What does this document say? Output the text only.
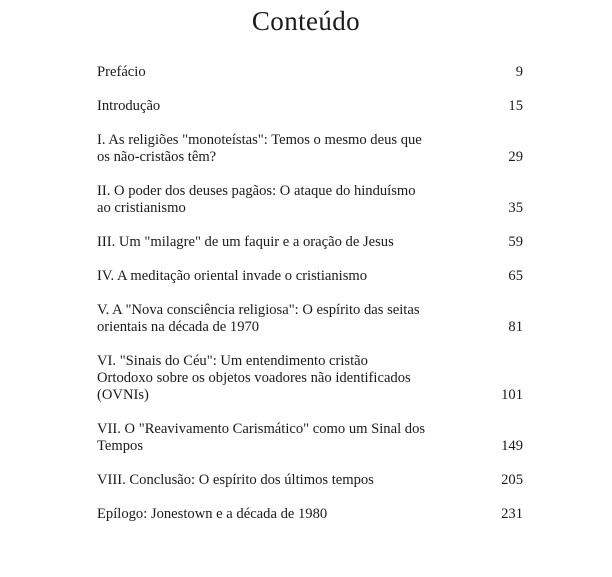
Conteúdo
Prefácio	9
Introdução	15
I. As religiões "monoteístas": Temos o mesmo deus que
os não-cristãos têm?	29
II. O poder dos deuses pagãos: O ataque do hinduísmo
ao cristianismo	35
III. Um "milagre" de um faquir e a oração de Jesus	59
IV. A meditação oriental invade o cristianismo	65
V. A "Nova consciência religiosa": O espírito das seitas
orientais na década de 1970	81
VI. "Sinais do Céu": Um entendimento cristão
Ortodoxo sobre os objetos voadores não identificados
(OVNIs)	101
VII. O "Reavivamento Carismático" como um Sinal dos
Tempos	149
VIII. Conclusão: O espírito dos últimos tempos	205
Epílogo: Jonestown e a década de 1980	231
